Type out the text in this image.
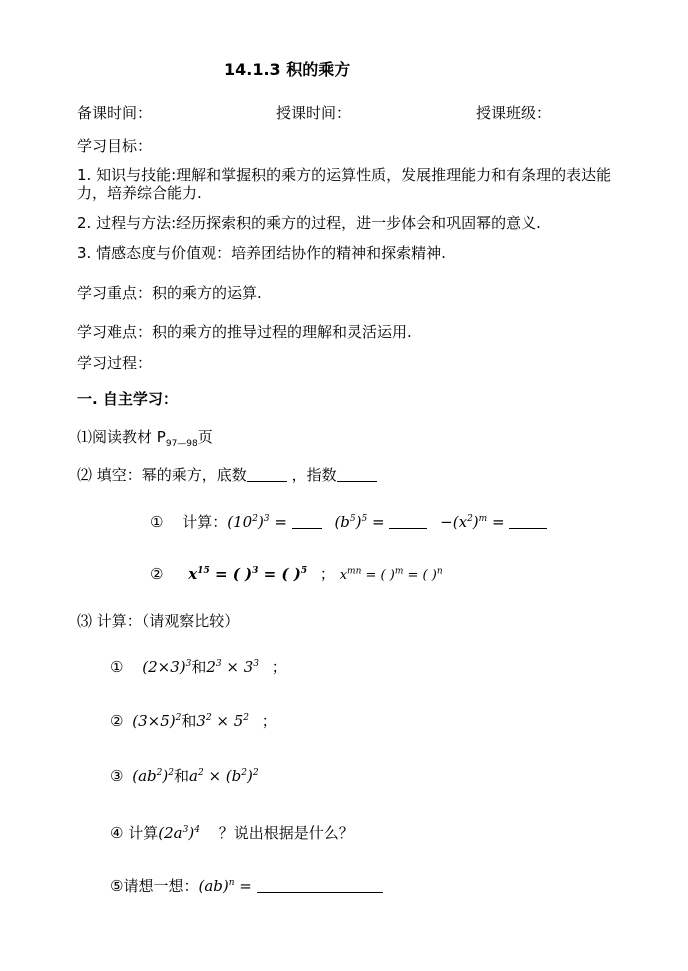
14.1.3 积的乘方
备课时间：	授课时间：	授课班级：
学习目标：
1. 知识与技能:理解和掌握积的乘方的运算性质，发展推理能力和有条理的表达能
力，培养综合能力.
2. 过程与方法:经历探索积的乘方的过程，进一步体会和巩固幂的意义.
3. 情感态度与价值观：培养团结协作的精神和探索精神.
学习重点：积的乘方的运算.
学习难点：积的乘方的推导过程的理解和灵活运用.
学习过程：
一. 自主学习：
⑴阅读教材 $P_{97—98}$页
⑵ 填空：幂的乘方，底数	，指数
① 计算：$(10^2)^3$ =	$(b^5)^5$ =	$-(x^2)^m$ =
② $x^{15}$ = ( )$^3$ = ( )$^5$ ； $x^{mn}$ = ( )$^m$ = ( )$^n$
⑶ 计算：（请观察比较）
① $(2\times 3)^3$和$2^3 \times 3^3$ ；
② $(3\times 5)^2$和$3^2 \times 5^2$ ；
③ $(ab^2)^2$和$a^2 \times (b^2)^2$
④ 计算$(2a^3)^4$ ？说出根据是什么？
⑤请想一想：(ab)$^n$ =
